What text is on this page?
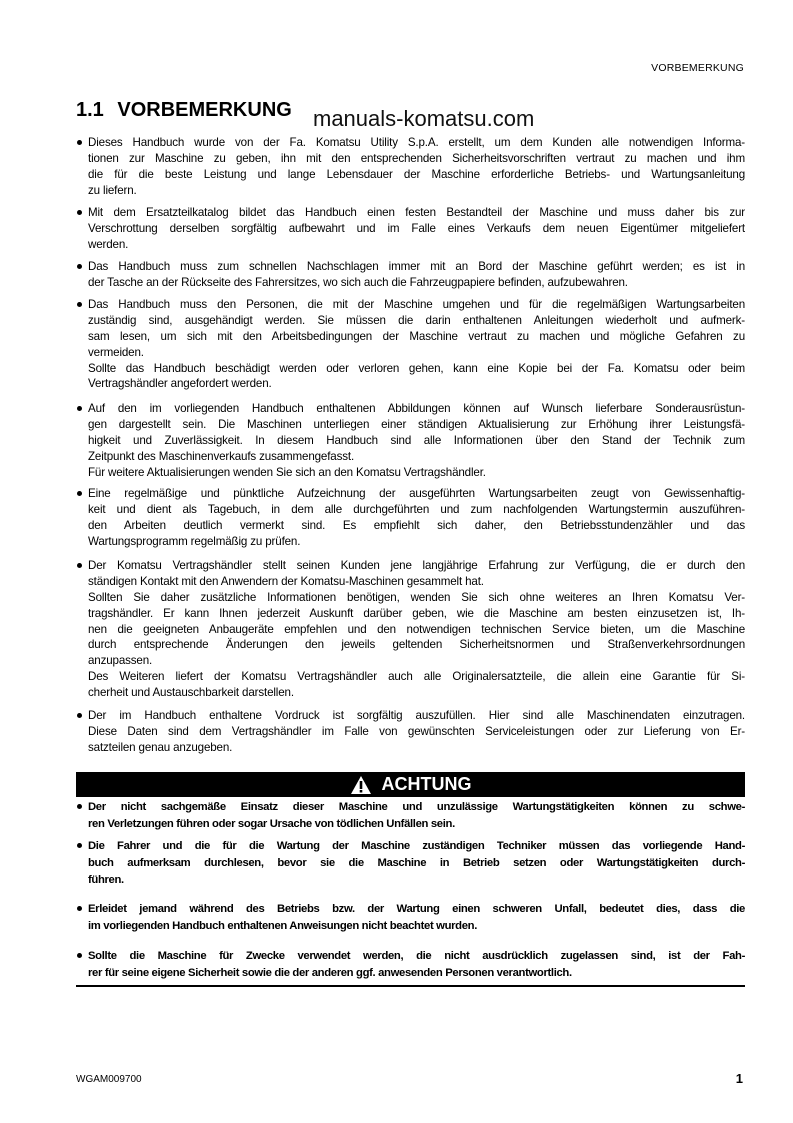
VORBEMERKUNG
1.1 VORBEMERKUNG manuals-komatsu.com
Dieses Handbuch wurde von der Fa. Komatsu Utility S.p.A. erstellt, um dem Kunden alle notwendigen Informa-
tionen zur Maschine zu geben, ihn mit den entsprechenden Sicherheitsvorschriften vertraut zu machen und ihm
die für die beste Leistung und lange Lebensdauer der Maschine erforderliche Betriebs- und Wartungsanleitung
zu liefern.
Mit dem Ersatzteilkatalog bildet das Handbuch einen festen Bestandteil der Maschine und muss daher bis zur
Verschrottung derselben sorgfältig aufbewahrt und im Falle eines Verkaufs dem neuen Eigentümer mitgeliefert
werden.
Das Handbuch muss zum schnellen Nachschlagen immer mit an Bord der Maschine geführt werden; es ist in
der Tasche an der Rückseite des Fahrersitzes, wo sich auch die Fahrzeugpapiere befinden, aufzubewahren.
Das Handbuch muss den Personen, die mit der Maschine umgehen und für die regelmäßigen Wartungsarbeiten
zuständig sind, ausgehändigt werden. Sie müssen die darin enthaltenen Anleitungen wiederholt und aufmerk-
sam lesen, um sich mit den Arbeitsbedingungen der Maschine vertraut zu machen und mögliche Gefahren zu
vermeiden.
Sollte das Handbuch beschädigt werden oder verloren gehen, kann eine Kopie bei der Fa. Komatsu oder beim
Vertragshändler angefordert werden.
Auf den im vorliegenden Handbuch enthaltenen Abbildungen können auf Wunsch lieferbare Sonderausrüstun-
gen dargestellt sein. Die Maschinen unterliegen einer ständigen Aktualisierung zur Erhöhung ihrer Leistungsfä-
higkeit und Zuverlässigkeit. In diesem Handbuch sind alle Informationen über den Stand der Technik zum
Zeitpunkt des Maschinenverkaufs zusammengefasst.
Für weitere Aktualisierungen wenden Sie sich an den Komatsu Vertragshändler.
Eine regelmäßige und pünktliche Aufzeichnung der ausgeführten Wartungsarbeiten zeugt von Gewissenhaftig-
keit und dient als Tagebuch, in dem alle durchgeführten und zum nachfolgenden Wartungstermin auszuführen-
den Arbeiten deutlich vermerkt sind. Es empfiehlt sich daher, den Betriebsstundenzähler und das
Wartungsprogramm regelmäßig zu prüfen.
Der Komatsu Vertragshändler stellt seinen Kunden jene langjährige Erfahrung zur Verfügung, die er durch den
ständigen Kontakt mit den Anwendern der Komatsu-Maschinen gesammelt hat.
Sollten Sie daher zusätzliche Informationen benötigen, wenden Sie sich ohne weiteres an Ihren Komatsu Ver-
tragshändler. Er kann Ihnen jederzeit Auskunft darüber geben, wie die Maschine am besten einzusetzen ist, Ih-
nen die geeigneten Anbaugeräte empfehlen und den notwendigen technischen Service bieten, um die Maschine
durch entsprechende Änderungen den jeweils geltenden Sicherheitsnormen und Straßenverkehrsordnungen
anzupassen.
Des Weiteren liefert der Komatsu Vertragshändler auch alle Originalersatzteile, die allein eine Garantie für Si-
cherheit und Austauschbarkeit darstellen.
Der im Handbuch enthaltene Vordruck ist sorgfältig auszufüllen. Hier sind alle Maschinendaten einzutragen.
Diese Daten sind dem Vertragshändler im Falle von gewünschten Serviceleistungen oder zur Lieferung von Er-
satzteilen genau anzugeben.
ACHTUNG
Der nicht sachgemäße Einsatz dieser Maschine und unzulässige Wartungstätigkeiten können zu schwe-
ren Verletzungen führen oder sogar Ursache von tödlichen Unfällen sein.
Die Fahrer und die für die Wartung der Maschine zuständigen Techniker müssen das vorliegende Hand-
buch aufmerksam durchlesen, bevor sie die Maschine in Betrieb setzen oder Wartungstätigkeiten durch-
führen.
Erleidet jemand während des Betriebs bzw. der Wartung einen schweren Unfall, bedeutet dies, dass die
im vorliegenden Handbuch enthaltenen Anweisungen nicht beachtet wurden.
Sollte die Maschine für Zwecke verwendet werden, die nicht ausdrücklich zugelassen sind, ist der Fah-
rer für seine eigene Sicherheit sowie die der anderen ggf. anwesenden Personen verantwortlich.
WGAM009700	1
